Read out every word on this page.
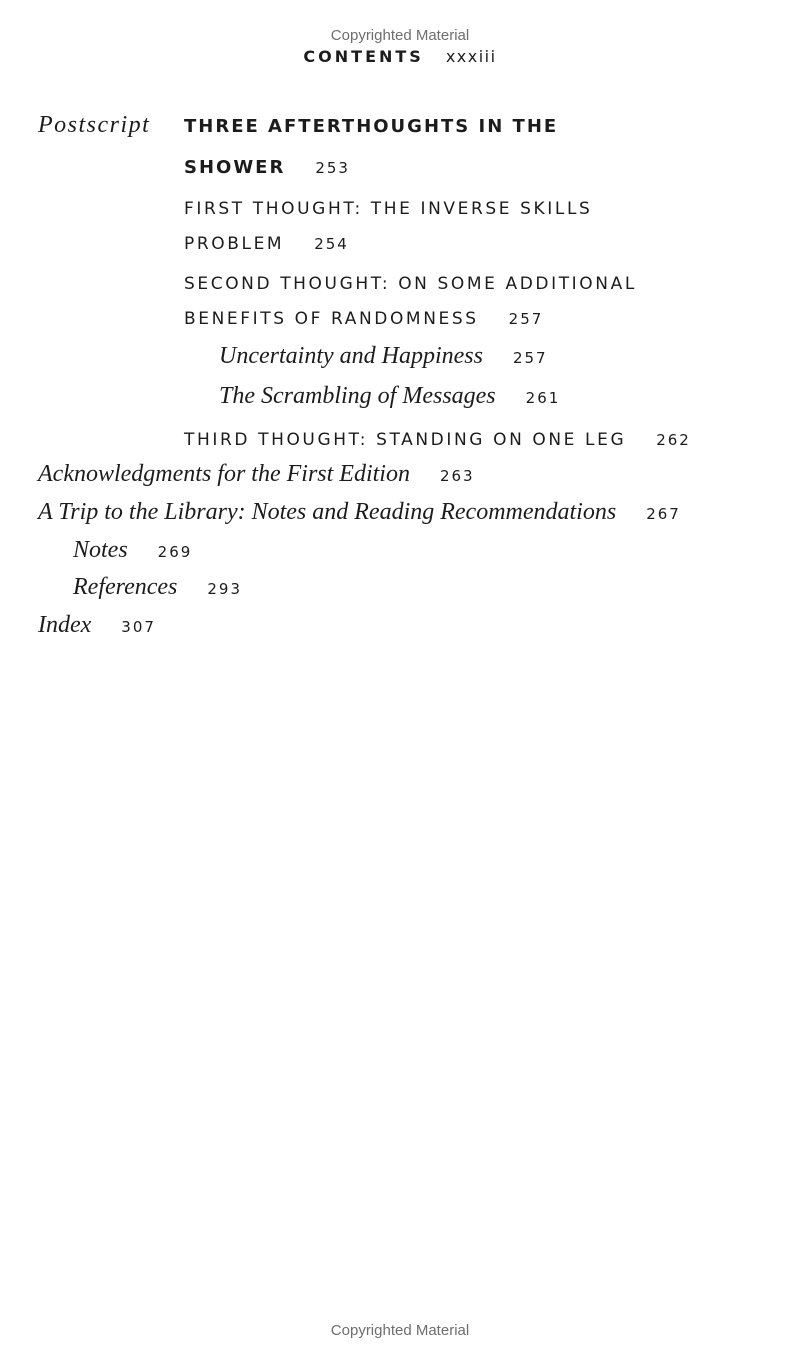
Copyrighted Material
CONTENTS xxxiii
Postscript THREE AFTERTHOUGHTS IN THE
SHOWER 253
FIRST THOUGHT: THE INVERSE SKILLS
PROBLEM 254
SECOND THOUGHT: ON SOME ADDITIONAL
BENEFITS OF RANDOMNESS 257
Uncertainty and Happiness 257
The Scrambling of Messages 261
THIRD THOUGHT: STANDING ON ONE LEG 262
Acknowledgments for the First Edition 263
A Trip to the Library: Notes and Reading Recommendations 267
Notes 269
References 293
Index 307
Copyrighted Material
